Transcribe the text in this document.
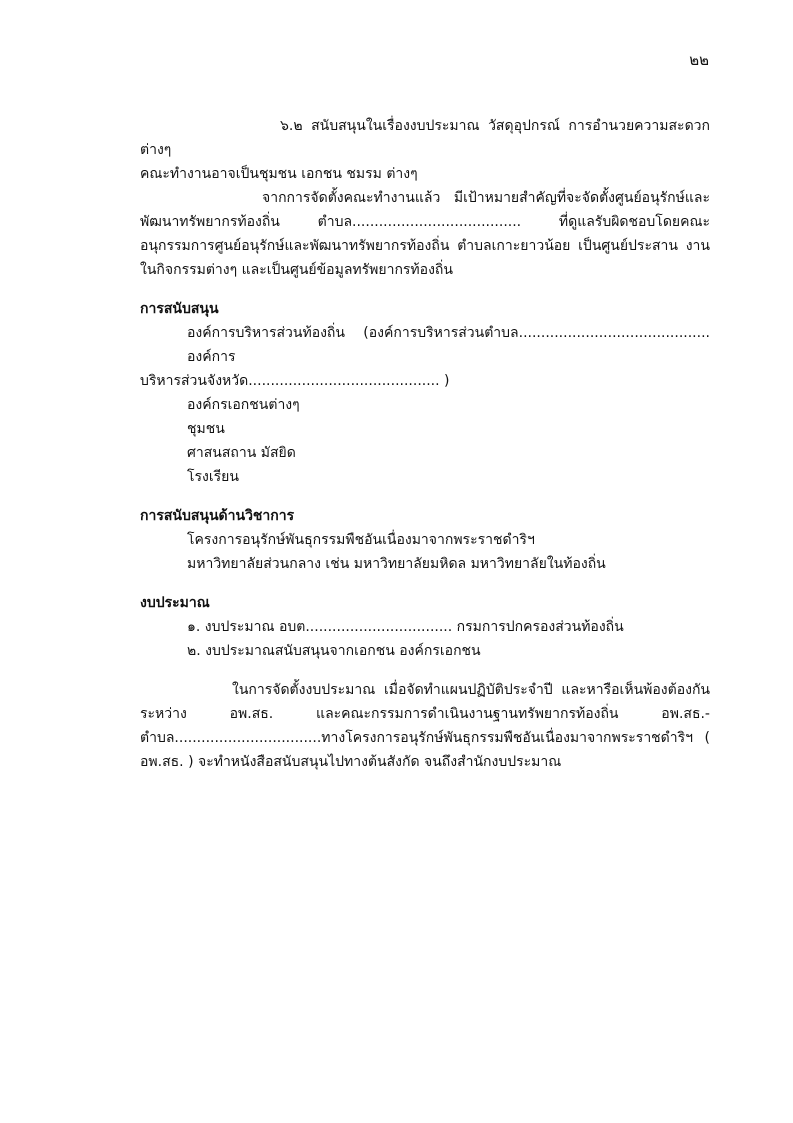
๒๒

๖.๒ สนับสนุนในเรื่องงบประมาณ วัสดุอุปกรณ์ การอำนวยความสะดวกต่างๆ

คณะทำงานอาจเป็นชุมชน เอกชน ชมรม ต่างๆ

จากการจัดตั้งคณะทำงานแล้ว มีเป้าหมายสำคัญที่จะจัดตั้งศูนย์อนุรักษ์และพัฒนาทรัพยากรท้องถิ่น ตำบล...................................... ที่ดูแลรับผิดชอบโดยคณะอนุกรรมการศูนย์อนุรักษ์และพัฒนาทรัพยากรท้องถิ่น ตำบลเกาะยาวน้อย เป็นศูนย์ประสาน งานในกิจกรรมต่างๆ และเป็นศูนย์ข้อมูลทรัพยากรท้องถิ่น

การสนับสนุน

องค์การบริหารส่วนท้องถิ่น (องค์การบริหารส่วนตำบล........................................... องค์การ

บริหารส่วนจังหวัด........................................... )

องค์กรเอกชนต่างๆ

ชุมชน

ศาสนสถาน มัสยิด

โรงเรียน

การสนับสนุนด้านวิชาการ

โครงการอนุรักษ์พันธุกรรมพืชอันเนื่องมาจากพระราชดำริฯ

มหาวิทยาลัยส่วนกลาง เช่น มหาวิทยาลัยมหิดล มหาวิทยาลัยในท้องถิ่น

งบประมาณ

๑. งบประมาณ อบต................................. กรมการปกครองส่วนท้องถิ่น

๒. งบประมาณสนับสนุนจากเอกชน องค์กรเอกชน

ในการจัดตั้งงบประมาณ เมื่อจัดทำแผนปฏิบัติประจำปี และหารือเห็นพ้องต้องกันระหว่าง อพ.สธ. และคณะกรรมการดำเนินงานฐานทรัพยากรท้องถิ่น อพ.สธ.-ตำบล.................................ทางโครงการอนุรักษ์พันธุกรรมพืชอันเนื่องมาจากพระราชดำริฯ ( อพ.สธ. ) จะทำหนังสือสนับสนุนไปทางต้นสังกัด จนถึงสำนักงบประมาณ
